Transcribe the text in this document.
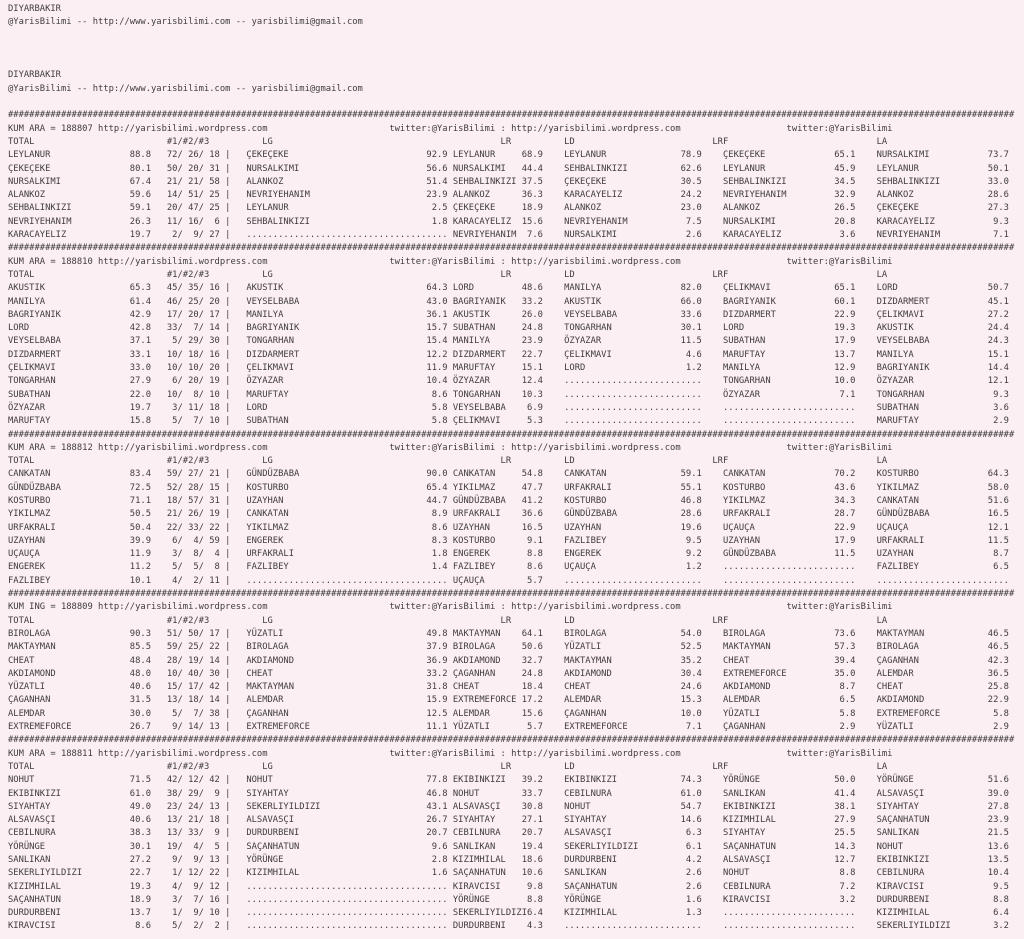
DIYARBAKIR
@YarisBilimi -- http://www.yarisbilimi.com -- yarisbilimi@gmail.com

DIYARBAKIR
@YarisBilimi -- http://www.yarisbilimi.com -- yarisbilimi@gmail.com

##############################################################################################################################################################################################
KUM ARA = 188807 http://yarisbilimi.wordpress.com                       twitter:@YarisBilimi : http://yarisbilimi.wordpress.com                    twitter:@YarisBilimi
TOTAL                         #1/#2/#3          LG                                           LR          LD                          LRF                            LA
LEYLANUR               88.8   72/ 26/ 18 |   ÇEKEÇEKE                          92.9 LEYLANUR     68.9    LEYLANUR              78.9    ÇEKEÇEKE             65.1    NURSALKIMI           73.7
ÇEKEÇEKE               80.1   50/ 20/ 31 |   NURSALKIMI                        56.6 NURSALKIMI   44.4    SEHBALINKIZI          62.6    LEYLANUR             45.9    LEYLANUR             50.1
NURSALKIMI             67.4   21/ 21/ 58 |   ALANKOZ                           51.4 SEHBALINKIZI 37.5    ÇEKEÇEKE              30.5    SEHBALINKIZI         34.5    SEHBALINKIZI         33.0
ALANKOZ                59.6   14/ 51/ 25 |   NEVRIYEHANIM                      23.9 ALANKOZ      36.3    KARACAYELIZ           24.2    NEVRIYEHANIM         32.9    ALANKOZ              28.6
SEHBALINKIZI           59.1   20/ 47/ 25 |   LEYLANUR                           2.5 ÇEKEÇEKE     18.9    ALANKOZ               23.0    ALANKOZ              26.5    ÇEKEÇEKE             27.3
NEVRIYEHANIM           26.3   11/ 16/  6 |   SEHBALINKIZI                       1.8 KARACAYELIZ  15.6    NEVRIYEHANIM           7.5    NURSALKIMI           20.8    KARACAYELIZ           9.3
KARACAYELIZ            19.7    2/  9/ 27 |   ...................................... NEVRIYEHANIM  7.6    NURSALKIMI             2.6    KARACAYELIZ           3.6    NEVRIYEHANIM          7.1
##############################################################################################################################################################################################
KUM ARA = 188810 http://yarisbilimi.wordpress.com                       twitter:@YarisBilimi : http://yarisbilimi.wordpress.com                    twitter:@YarisBilimi
TOTAL                         #1/#2/#3          LG                                           LR          LD                          LRF                            LA
AKUSTIK                65.3   45/ 35/ 16 |   AKUSTIK                           64.3 LORD         48.6    MANILYA               82.0    ÇELIKMAVI            65.1    LORD                 50.7
MANILYA                61.4   46/ 25/ 20 |   VEYSELBABA                        43.0 BAGRIYANIK   33.2    AKUSTIK               66.0    BAGRIYANIK           60.1    DIZDARMERT           45.1
BAGRIYANIK             42.9   17/ 20/ 17 |   MANILYA                           36.1 AKUSTIK      26.0    VEYSELBABA            33.6    DIZDARMERT           22.9    ÇELIKMAVI            27.2
LORD                   42.8   33/  7/ 14 |   BAGRIYANIK                        15.7 SUBATHAN     24.8    TONGARHAN             30.1    LORD                 19.3    AKUSTIK              24.4
VEYSELBABA             37.1    5/ 29/ 30 |   TONGARHAN                         15.4 MANILYA      23.9    ÖZYAZAR               11.5    SUBATHAN             17.9    VEYSELBABA           24.3
DIZDARMERT             33.1   10/ 18/ 16 |   DIZDARMERT                        12.2 DIZDARMERT   22.7    ÇELIKMAVI              4.6    MARUFTAY             13.7    MANILYA              15.1
ÇELIKMAVI              33.0   10/ 10/ 20 |   ÇELIKMAVI                         11.9 MARUFTAY     15.1    LORD                   1.2    MANILYA              12.9    BAGRIYANIK           14.4
TONGARHAN              27.9    6/ 20/ 19 |   ÖZYAZAR                           10.4 ÖZYAZAR      12.4    ..........................    TONGARHAN            10.0    ÖZYAZAR              12.1
SUBATHAN               22.0   10/  8/ 10 |   MARUFTAY                           8.6 TONGARHAN    10.3    ..........................    ÖZYAZAR               7.1    TONGARHAN             9.3
ÖZYAZAR                19.7    3/ 11/ 18 |   LORD                               5.8 VEYSELBABA    6.9    ..........................    .........................    SUBATHAN              3.6
MARUFTAY               15.8    5/  7/ 10 |   SUBATHAN                           5.8 ÇELIKMAVI     5.3    ..........................    .........................    MARUFTAY              2.9
##############################################################################################################################################################################################
KUM ARA = 188812 http://yarisbilimi.wordpress.com                       twitter:@YarisBilimi : http://yarisbilimi.wordpress.com                    twitter:@YarisBilimi
TOTAL                         #1/#2/#3          LG                                           LR          LD                          LRF                            LA
CANKATAN               83.4   59/ 27/ 21 |   GÜNDÜZBABA                        90.0 CANKATAN     54.8    CANKATAN              59.1    CANKATAN             70.2    KOSTURBO             64.3
GÜNDÜZBABA             72.5   52/ 28/ 15 |   KOSTURBO                          65.4 YIKILMAZ     47.7    URFAKRALI             55.1    KOSTURBO             43.6    YIKILMAZ             58.0
KOSTURBO               71.1   18/ 57/ 31 |   UZAYHAN                           44.7 GÜNDÜZBABA   41.2    KOSTURBO              46.8    YIKILMAZ             34.3    CANKATAN             51.6
YIKILMAZ               50.5   21/ 26/ 19 |   CANKATAN                           8.9 URFAKRALI    36.6    GÜNDÜZBABA            28.6    URFAKRALI            28.7    GÜNDÜZBABA           16.5
URFAKRALI              50.4   22/ 33/ 22 |   YIKILMAZ                           8.6 UZAYHAN      16.5    UZAYHAN               19.6    UÇAUÇA               22.9    UÇAUÇA               12.1
UZAYHAN                39.9    6/  4/ 59 |   ENGEREK                            8.3 KOSTURBO      9.1    FAZLIBEY               9.5    UZAYHAN              17.9    URFAKRALI            11.5
UÇAUÇA                 11.9    3/  8/  4 |   URFAKRALI                          1.8 ENGEREK       8.8    ENGEREK                9.2    GÜNDÜZBABA           11.5    UZAYHAN               8.7
ENGEREK                11.2    5/  5/  8 |   FAZLIBEY                           1.4 FAZLIBEY      8.6    UÇAUÇA                 1.2    .........................    FAZLIBEY              6.5
FAZLIBEY               10.1    4/  2/ 11 |   ...................................... UÇAUÇA        5.7    ..........................    .........................    .........................
##############################################################################################################################################################################################
KUM ING = 188809 http://yarisbilimi.wordpress.com                       twitter:@YarisBilimi : http://yarisbilimi.wordpress.com                    twitter:@YarisBilimi
TOTAL                         #1/#2/#3          LG                                           LR          LD                          LRF                            LA
BIROLAGA               90.3   51/ 50/ 17 |   YÜZATLI                           49.8 MAKTAYMAN    64.1    BIROLAGA              54.0    BIROLAGA             73.6    MAKTAYMAN            46.5
MAKTAYMAN              85.5   59/ 25/ 22 |   BIROLAGA                          37.9 BIROLAGA     50.6    YÜZATLI               52.5    MAKTAYMAN            57.3    BIROLAGA             46.5
CHEAT                  48.4   28/ 19/ 14 |   AKDIAMOND                         36.9 AKDIAMOND    32.7    MAKTAYMAN             35.2    CHEAT                39.4    ÇAGANHAN             42.3
AKDIAMOND              48.0   10/ 40/ 30 |   CHEAT                             33.2 ÇAGANHAN     24.8    AKDIAMOND             30.4    EXTREMEFORCE         35.0    ALEMDAR              36.5
YÜZATLI                40.6   15/ 17/ 42 |   MAKTAYMAN                         31.8 CHEAT        18.4    CHEAT                 24.6    AKDIAMOND             8.7    CHEAT                25.8
ÇAGANHAN               31.5   13/ 18/ 14 |   ALEMDAR                           15.9 EXTREMEFORCE 17.2    ALEMDAR               15.3    ALEMDAR               6.5    AKDIAMOND            22.9
ALEMDAR                30.0    5/  7/ 38 |   ÇAGANHAN                          12.5 ALEMDAR      15.6    ÇAGANHAN              10.0    YÜZATLI               5.8    EXTREMEFORCE          5.8
EXTREMEFORCE           26.7    9/ 14/ 13 |   EXTREMEFORCE                      11.1 YÜZATLI       5.7    EXTREMEFORCE           7.1    ÇAGANHAN              2.9    YÜZATLI               2.9
##############################################################################################################################################################################################
KUM ARA = 188811 http://yarisbilimi.wordpress.com                       twitter:@YarisBilimi : http://yarisbilimi.wordpress.com                    twitter:@YarisBilimi
TOTAL                         #1/#2/#3          LG                                           LR          LD                          LRF                            LA
NOHUT                  71.5   42/ 12/ 42 |   NOHUT                             77.8 EKIBINKIZI   39.2    EKIBINKIZI            74.3    YÖRÜNGE              50.0    YÖRÜNGE              51.6
EKIBINKIZI             61.0   38/ 29/  9 |   SIYAHTAY                          46.8 NOHUT        33.7    CEBILNURA             61.0    SANLIKAN             41.4    ALSAVASÇI            39.0
SIYAHTAY               49.0   23/ 24/ 13 |   SEKERLIYILDIZI                    43.1 ALSAVASÇI    30.8    NOHUT                 54.7    EKIBINKIZI           38.1    SIYAHTAY             27.8
ALSAVASÇI              40.6   13/ 21/ 18 |   ALSAVASÇI                         26.7 SIYAHTAY     27.1    SIYAHTAY              14.6    KIZIMHILAL           27.9    SAÇANHATUN           23.9
CEBILNURA              38.3   13/ 33/  9 |   DURDURBENI                        20.7 CEBILNURA    20.7    ALSAVASÇI              6.3    SIYAHTAY             25.5    SANLIKAN             21.5
YÖRÜNGE                30.1   19/  4/  5 |   SAÇANHATUN                         9.6 SANLIKAN     19.4    SEKERLIYILDIZI         6.1    SAÇANHATUN           14.3    NOHUT                13.6
SANLIKAN               27.2    9/  9/ 13 |   YÖRÜNGE                            2.8 KIZIMHILAL   18.6    DURDURBENI             4.2    ALSAVASÇI            12.7    EKIBINKIZI           13.5
SEKERLIYILDIZI         22.7    1/ 12/ 22 |   KIZIMHILAL                         1.6 SAÇANHATUN   10.6    SANLIKAN               2.6    NOHUT                 8.8    CEBILNURA            10.4
KIZIMHILAL             19.3    4/  9/ 12 |   ...................................... KIRAVCISI     9.8    SAÇANHATUN             2.6    CEBILNURA             7.2    KIRAVCISI             9.5
SAÇANHATUN             18.9    3/  7/ 16 |   ...................................... YÖRÜNGE       8.8    YÖRÜNGE                1.6    KIRAVCISI             3.2    DURDURBENI            8.8
DURDURBENI             13.7    1/  9/ 10 |   ...................................... SEKERLIYILDIZI6.4    KIZIMHILAL             1.3    .........................    KIZIMHILAL            6.4
KIRAVCISI               8.6    5/  2/  2 |   ...................................... DURDURBENI    4.3    ..........................    .........................    SEKERLIYILDIZI        3.2
